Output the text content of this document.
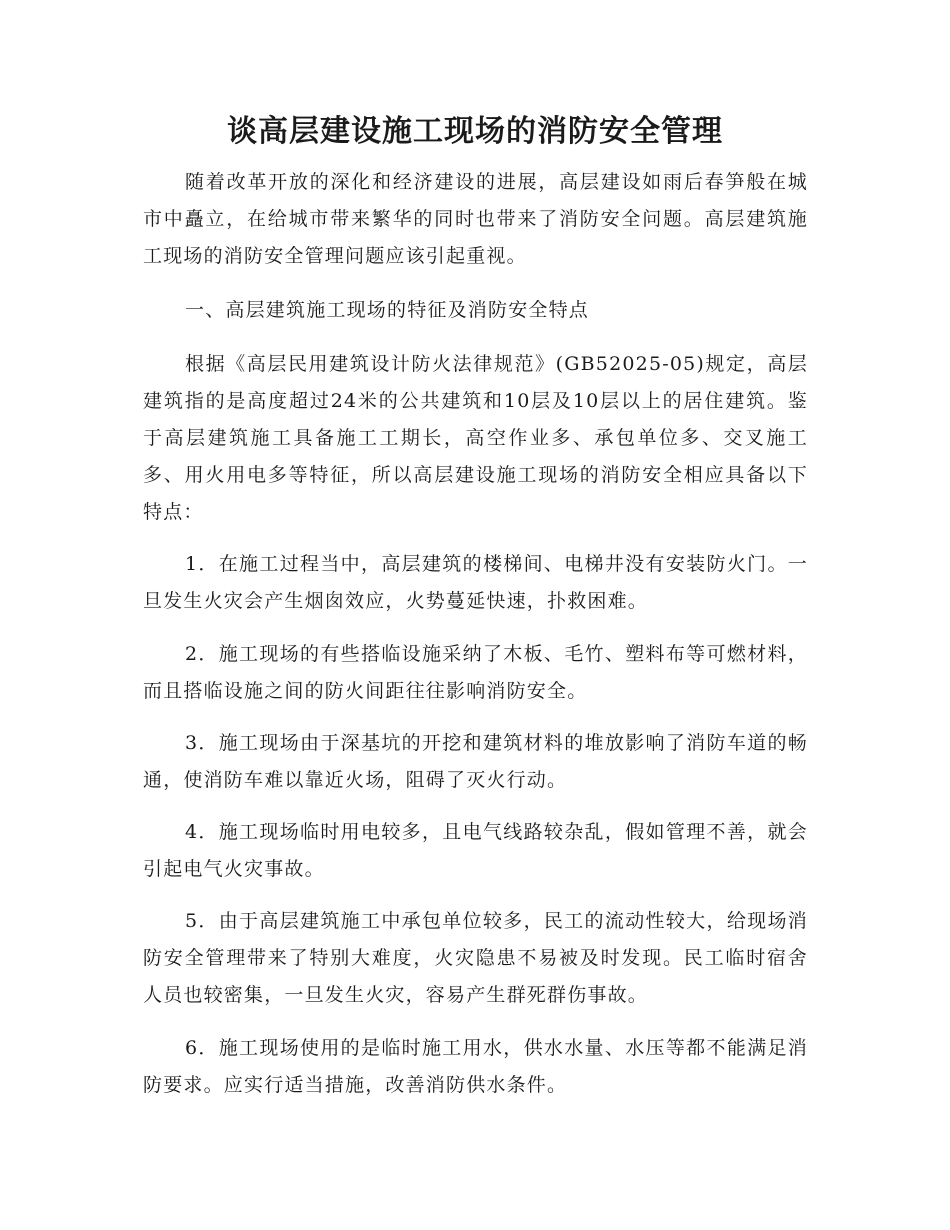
谈高层建设施工现场的消防安全管理

随着改革开放的深化和经济建设的进展，高层建设如雨后春笋般在城市中矗立，在给城市带来繁华的同时也带来了消防安全问题。高层建筑施工现场的消防安全管理问题应该引起重视。

一、高层建筑施工现场的特征及消防安全特点

根据《高层民用建筑设计防火法律规范》(GB52025-05)规定，高层建筑指的是高度超过24米的公共建筑和10层及10层以上的居住建筑。鉴于高层建筑施工具备施工工期长，高空作业多、承包单位多、交叉施工多、用火用电多等特征，所以高层建设施工现场的消防安全相应具备以下特点：

1．在施工过程当中，高层建筑的楼梯间、电梯井没有安装防火门。一旦发生火灾会产生烟囱效应，火势蔓延快速，扑救困难。

2．施工现场的有些搭临设施采纳了木板、毛竹、塑料布等可燃材料，而且搭临设施之间的防火间距往往影响消防安全。

3．施工现场由于深基坑的开挖和建筑材料的堆放影响了消防车道的畅通，使消防车难以靠近火场，阻碍了灭火行动。

4．施工现场临时用电较多，且电气线路较杂乱，假如管理不善，就会引起电气火灾事故。

5．由于高层建筑施工中承包单位较多，民工的流动性较大，给现场消防安全管理带来了特别大难度，火灾隐患不易被及时发现。民工临时宿舍人员也较密集，一旦发生火灾，容易产生群死群伤事故。

6．施工现场使用的是临时施工用水，供水水量、水压等都不能满足消防要求。应实行适当措施，改善消防供水条件。
